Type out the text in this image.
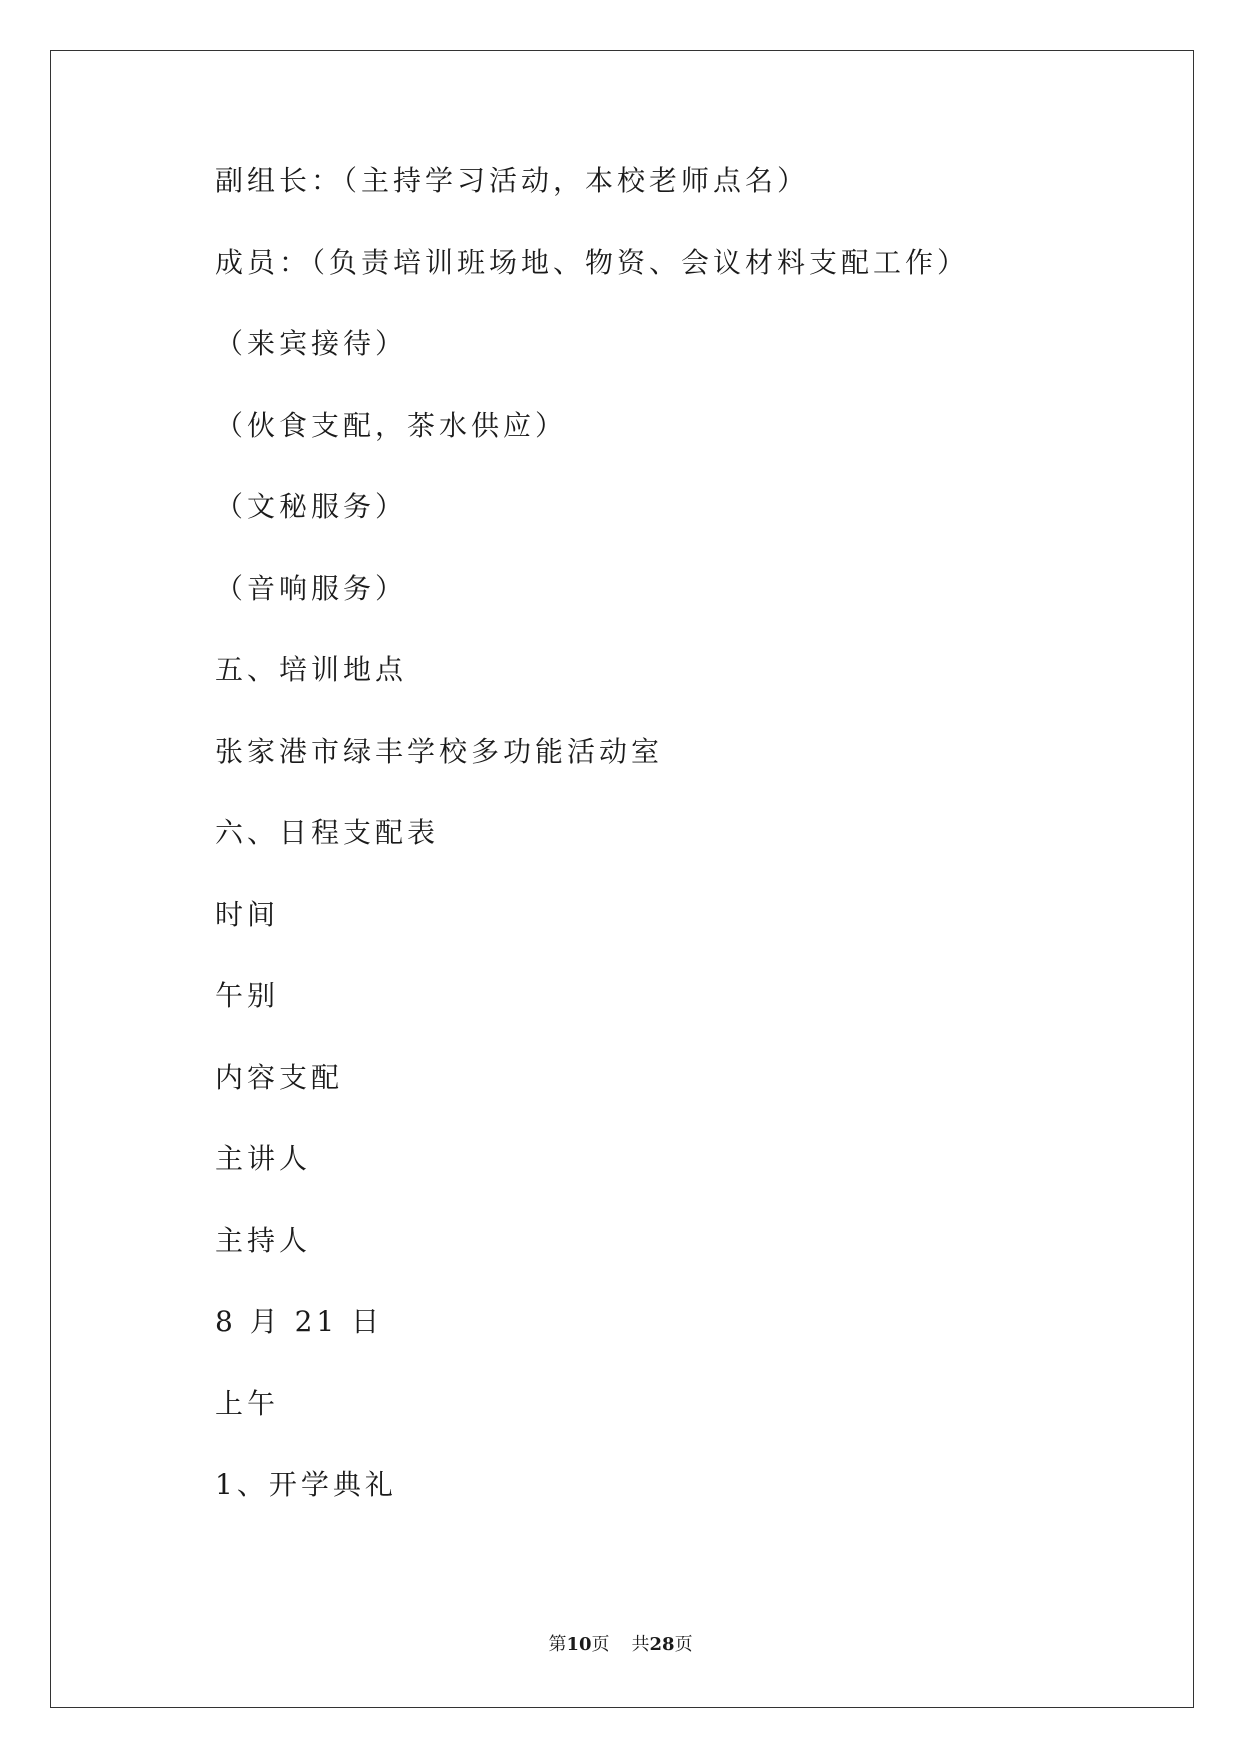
副组长：（主持学习活动，本校老师点名）
成员：（负责培训班场地、物资、会议材料支配工作）
（来宾接待）
（伙食支配，茶水供应）
（文秘服务）
（音响服务）
五、培训地点
张家港市绿丰学校多功能活动室
六、日程支配表
时间
午别
内容支配
主讲人
主持人
8 月 21 日
上午
1、开学典礼
第10页 共28页
